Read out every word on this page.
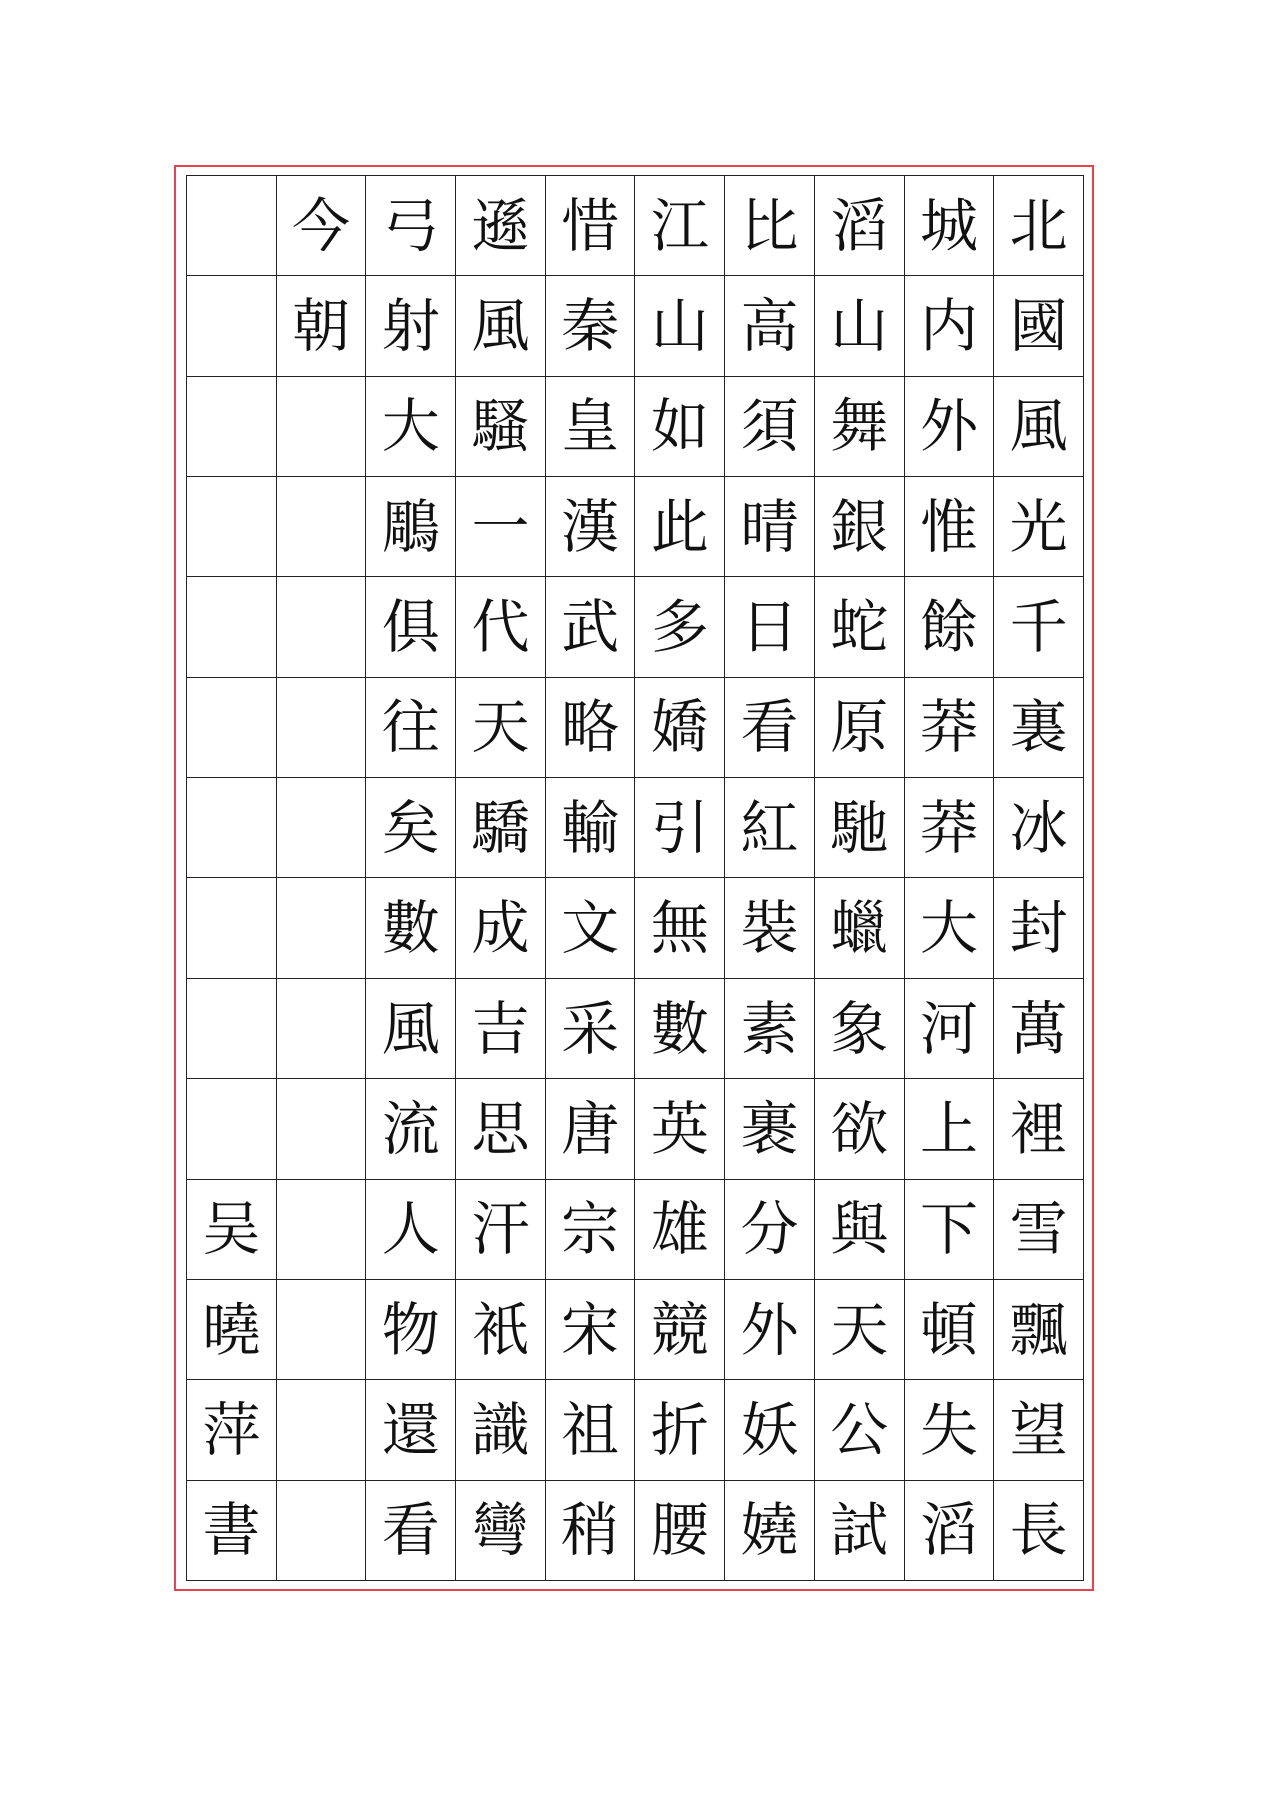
今 弓 遜 惜 江 比 滔 城 北
朝 射 風 秦 山 高 山 内 國
大 騷 皇 如 須 舞 外 風
鵰 一 漢 此 晴 銀 惟 光
俱 代 武 多 日 蛇 餘 千
往 天 略 嬌 看 原 莽 裏
矣 驕 輸 引 紅 馳 莽 冰
數 成 文 無 裝 蠟 大 封
風 吉 采 數 素 象 河 萬
流 思 唐 英 裹 欲 上 裡
吴 人 汗 宗 雄 分 與 下 雪
曉 物 衹 宋 競 外 天 頓 飄
萍 還 識 祖 折 妖 公 失 望
書 看 彎 稍 腰 嬈 試 滔 長
